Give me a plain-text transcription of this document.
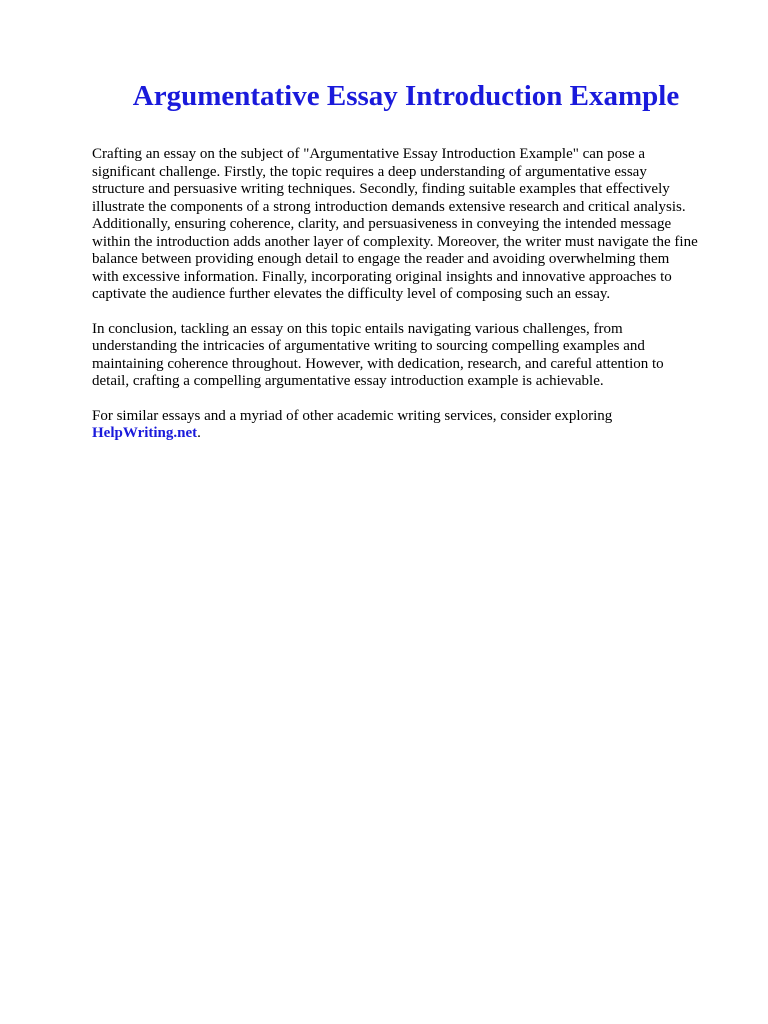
Argumentative Essay Introduction Example

Crafting an essay on the subject of "Argumentative Essay Introduction Example" can pose a
significant challenge. Firstly, the topic requires a deep understanding of argumentative essay
structure and persuasive writing techniques. Secondly, finding suitable examples that effectively
illustrate the components of a strong introduction demands extensive research and critical analysis.
Additionally, ensuring coherence, clarity, and persuasiveness in conveying the intended message
within the introduction adds another layer of complexity. Moreover, the writer must navigate the fine
balance between providing enough detail to engage the reader and avoiding overwhelming them
with excessive information. Finally, incorporating original insights and innovative approaches to
captivate the audience further elevates the difficulty level of composing such an essay.

In conclusion, tackling an essay on this topic entails navigating various challenges, from
understanding the intricacies of argumentative writing to sourcing compelling examples and
maintaining coherence throughout. However, with dedication, research, and careful attention to
detail, crafting a compelling argumentative essay introduction example is achievable.

For similar essays and a myriad of other academic writing services, consider exploring
HelpWriting.net.
